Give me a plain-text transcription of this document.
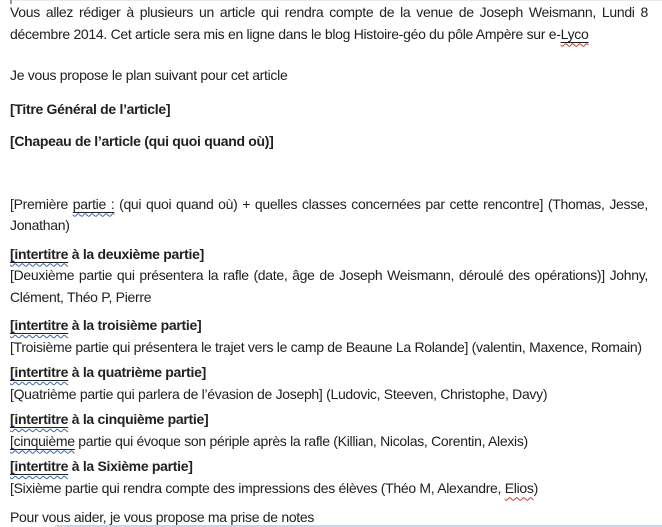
Vous allez rédiger à plusieurs un article qui rendra compte de la venue de Joseph Weismann, Lundi 8 décembre 2014. Cet article sera mis en ligne dans le blog Histoire-géo du pôle Ampère sur e-Lyco

Je vous propose le plan suivant pour cet article

[Titre Général de l’article]

[Chapeau de l’article (qui quoi quand où)]

[Première partie : (qui quoi quand où) + quelles classes concernées par cette rencontre] (Thomas, Jesse, Jonathan)

[intertitre à la deuxième partie]

[Deuxième partie qui présentera la rafle (date, âge de Joseph Weismann, déroulé des opérations)] Johny, Clément, Théo P, Pierre

[intertitre à la troisième partie]

[Troisième partie qui présentera le trajet vers le camp de Beaune La Rolande] (valentin, Maxence, Romain)

[intertitre à la quatrième partie]

[Quatrième partie qui parlera de l’évasion de Joseph] (Ludovic, Steeven, Christophe, Davy)

[intertitre à la cinquième partie]

[cinquième partie qui évoque son périple après la rafle (Killian, Nicolas, Corentin, Alexis)

[intertitre à la Sixième partie]

[Sixième partie qui rendra compte des impressions des élèves (Théo M, Alexandre, Elios)

Pour vous aider, je vous propose ma prise de notes
